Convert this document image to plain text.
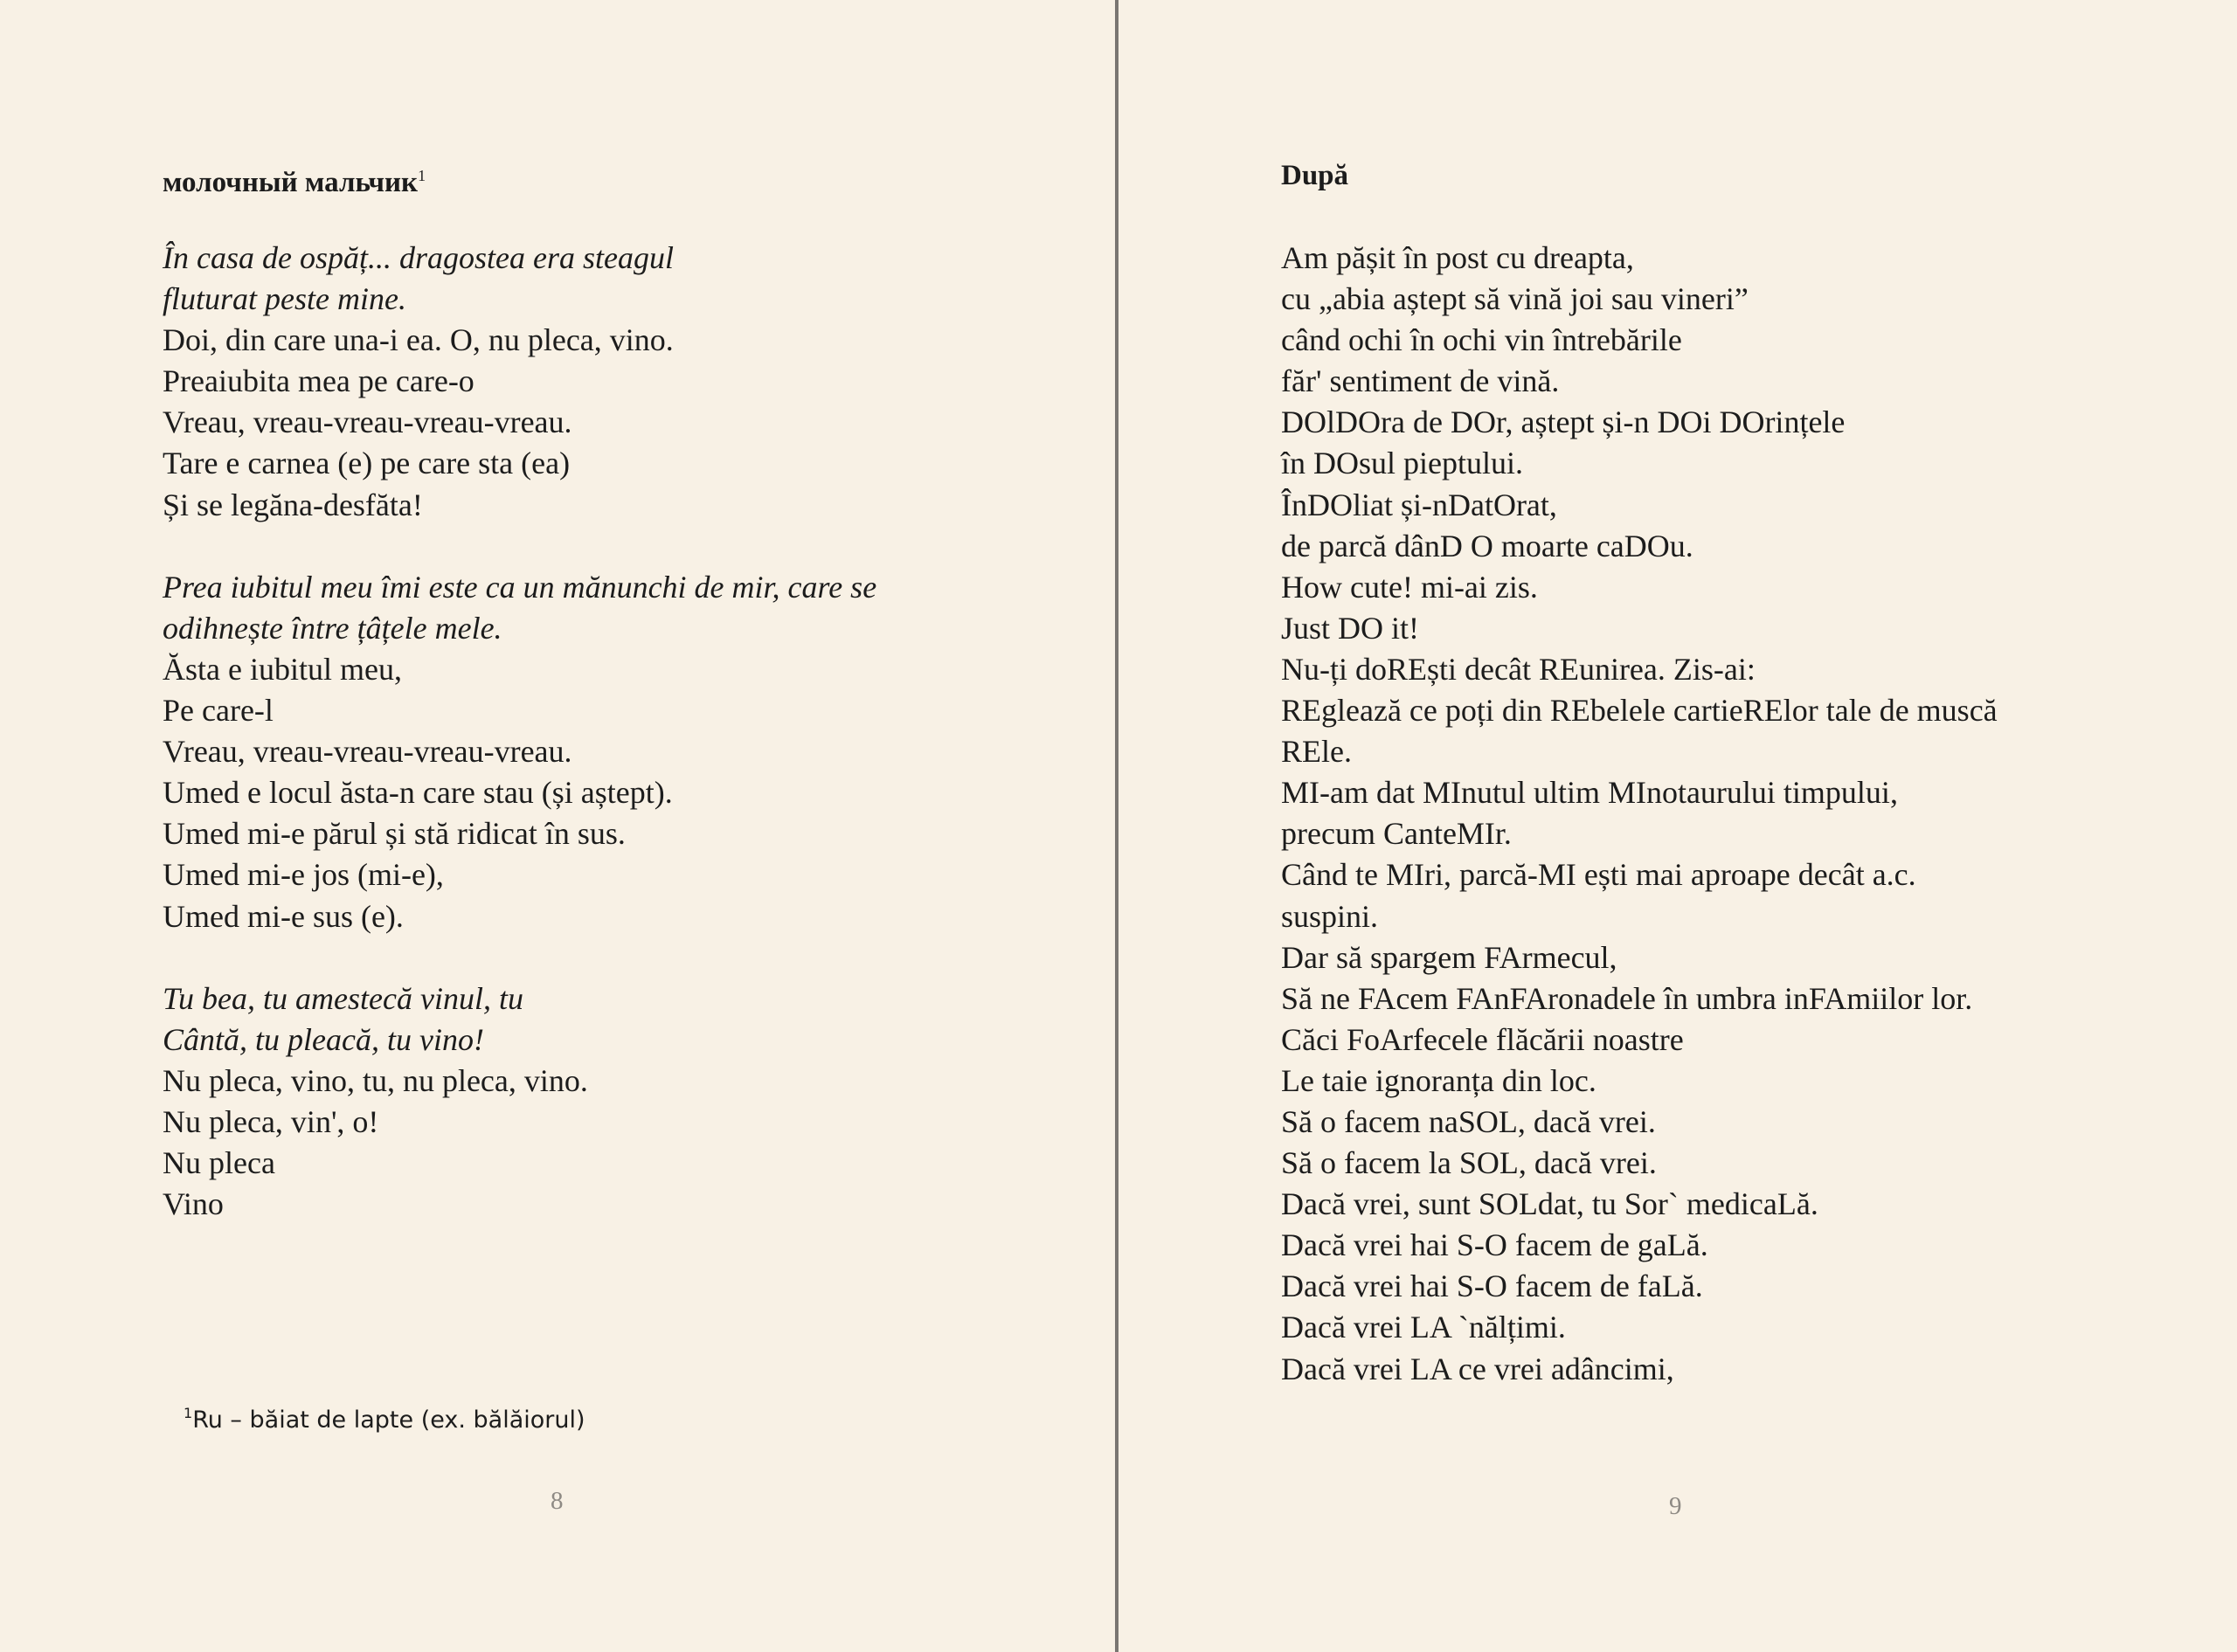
молочный мальчик$^1$
În casa de ospăț... dragostea era steagul
fluturat peste mine.
Doi, din care una-i ea. O, nu pleca, vino.
Preaiubita mea pe care-o
Vreau, vreau-vreau-vreau-vreau.
Tare e carnea (e) pe care sta (ea)
Și se legăna-desfăta!
Prea iubitul meu îmi este ca un mănunchi de mir, care se
odihnește între țâțele mele.
Ăsta e iubitul meu,
Pe care-l
Vreau, vreau-vreau-vreau-vreau.
Umed e locul ăsta-n care stau (și aștept).
Umed mi-e părul și stă ridicat în sus.
Umed mi-e jos (mi-e),
Umed mi-e sus (e).
Tu bea, tu amestecă vinul, tu
Cântă, tu pleacă, tu vino!
Nu pleca, vino, tu, nu pleca, vino.
Nu pleca, vin', o!
Nu pleca
Vino
$^1$Ru – băiat de lapte (ex. bălăiorul)
8
După
Am pășit în post cu dreapta,
cu „abia aștept să vină joi sau vineri”
când ochi în ochi vin întrebările
făr' sentiment de vină.
DOlDOra de DOr, aștept și-n DOi DOrințele
în DOsul pieptului.
ÎnDOliat și-nDatOrat,
de parcă dânD O moarte caDOu.
How cute! mi-ai zis.
Just DO it!
Nu-ți doREști decât REunirea. Zis-ai:
REglează ce poți din REbelele cartieRElor tale de muscă
REle.
MI-am dat MInutul ultim MInotaurului timpului,
precum CanteMIr.
Când te MIri, parcă-MI ești mai aproape decât a.c.
suspini.
Dar să spargem FArmecul,
Să ne FAcem FAnFAronadele în umbra inFAmiilor lor.
Căci FoArfecele flăcării noastre
Le taie ignoranța din loc.
Să o facem naSOL, dacă vrei.
Să o facem la SOL, dacă vrei.
Dacă vrei, sunt SOLdat, tu Sor` medicaLă.
Dacă vrei hai S-O facem de gaLă.
Dacă vrei hai S-O facem de faLă.
Dacă vrei LA `nălțimi.
Dacă vrei LA ce vrei adâncimi,
9
